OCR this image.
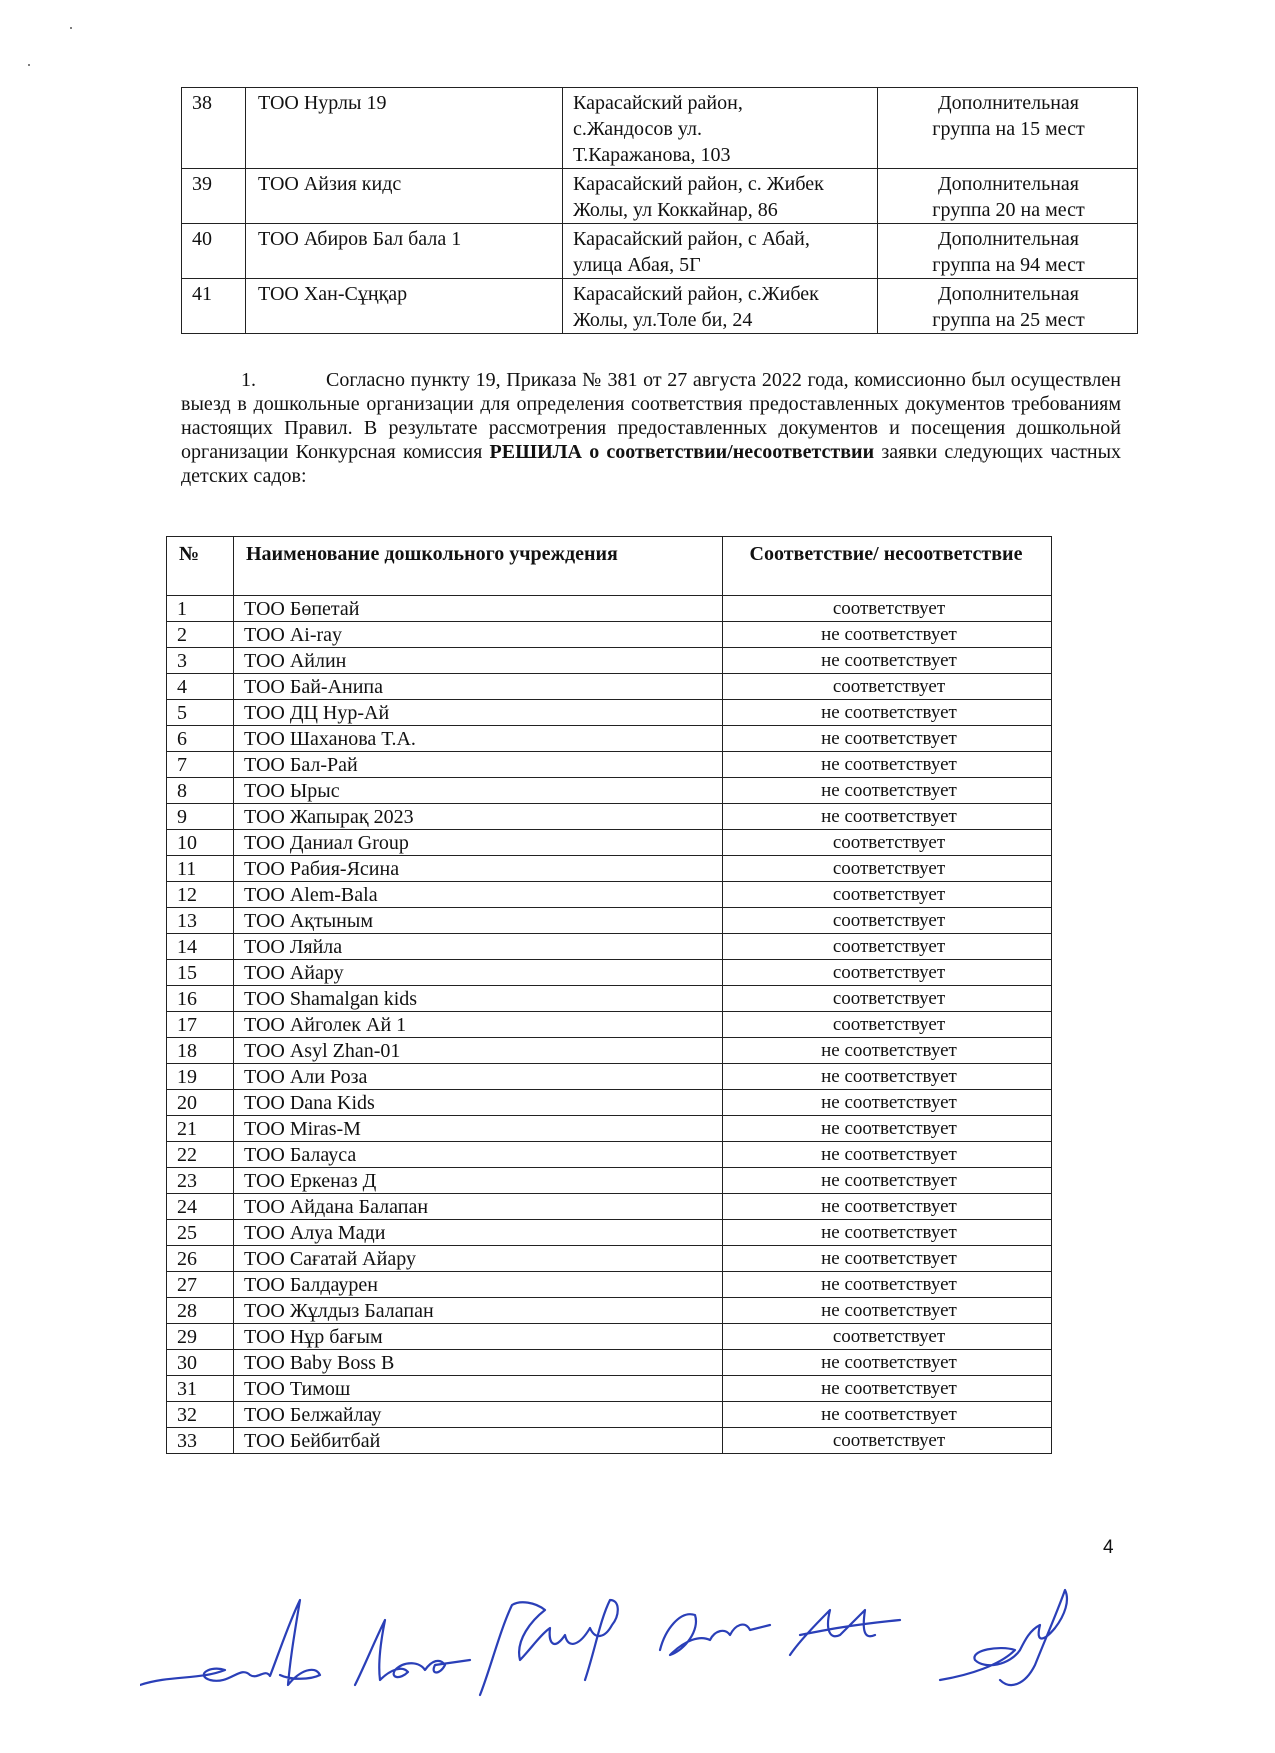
38	ТОО Нурлы 19	Карасайский район,
с.Жандосов ул.
Т.Каражанова, 103	Дополнительная
группа на 15 мест

39	ТОО Айзия кидс	Карасайский район, с. Жибек
Жолы, ул Коккайнар, 86	Дополнительная
группа 20 на мест

40	ТОО Абиров Бал бала 1	Карасайский район, с Абай,
улица Абая, 5Г	Дополнительная
группа на 94 мест

41	ТОО Хан-Сұңқар	Карасайский район, с.Жибек
Жолы, ул.Толе би, 24	Дополнительная
группа на 25 мест

1.	Согласно пункту 19, Приказа № 381 от 27 августа 2022 года, комиссионно был осуществлен выезд в дошкольные организации для определения соответствия предоставленных документов требованиям настоящих Правил. В результате рассмотрения предоставленных документов и посещения дошкольной организации Конкурсная комиссия РЕШИЛА о соответствии/несоответствии заявки следующих частных детских садов:

№	Наименование дошкольного учреждения	Соответствие/ несоответствие
1	ТОО Бөпетай	соответствует
2	ТОО Ai-ray	не соответствует
3	ТОО Айлин	не соответствует
4	ТОО Бай-Анипа	соответствует
5	ТОО ДЦ Нур-Ай	не соответствует
6	ТОО Шаханова Т.А.	не соответствует
7	ТОО Бал-Рай	не соответствует
8	ТОО Ырыс	не соответствует
9	ТОО Жапырақ 2023	не соответствует
10	ТОО Даниал Group	соответствует
11	ТОО Рабия-Ясина	соответствует
12	ТОО Alem-Bala	соответствует
13	ТОО Ақтыным	соответствует
14	ТОО Ляйла	соответствует
15	ТОО Айару	соответствует
16	ТОО Shamalgan kids	соответствует
17	ТОО Айголек Ай 1	соответствует
18	ТОО Asyl Zhan-01	не соответствует
19	ТОО Али Роза	не соответствует
20	ТОО Dana Kids	не соответствует
21	ТОО Miras-M	не соответствует
22	ТОО Балауса	не соответствует
23	ТОО Еркеназ Д	не соответствует
24	ТОО Айдана Балапан	не соответствует
25	ТОО Алуа Мади	не соответствует
26	ТОО Сағатай Айару	не соответствует
27	ТОО Балдаурен	не соответствует
28	ТОО Жұлдыз Балапан	не соответствует
29	ТОО Нұр бағым	соответствует
30	ТОО Baby Boss B	не соответствует
31	ТОО Тимош	не соответствует
32	ТОО Белжайлау	не соответствует
33	ТОО Бейбитбай	соответствует
4
